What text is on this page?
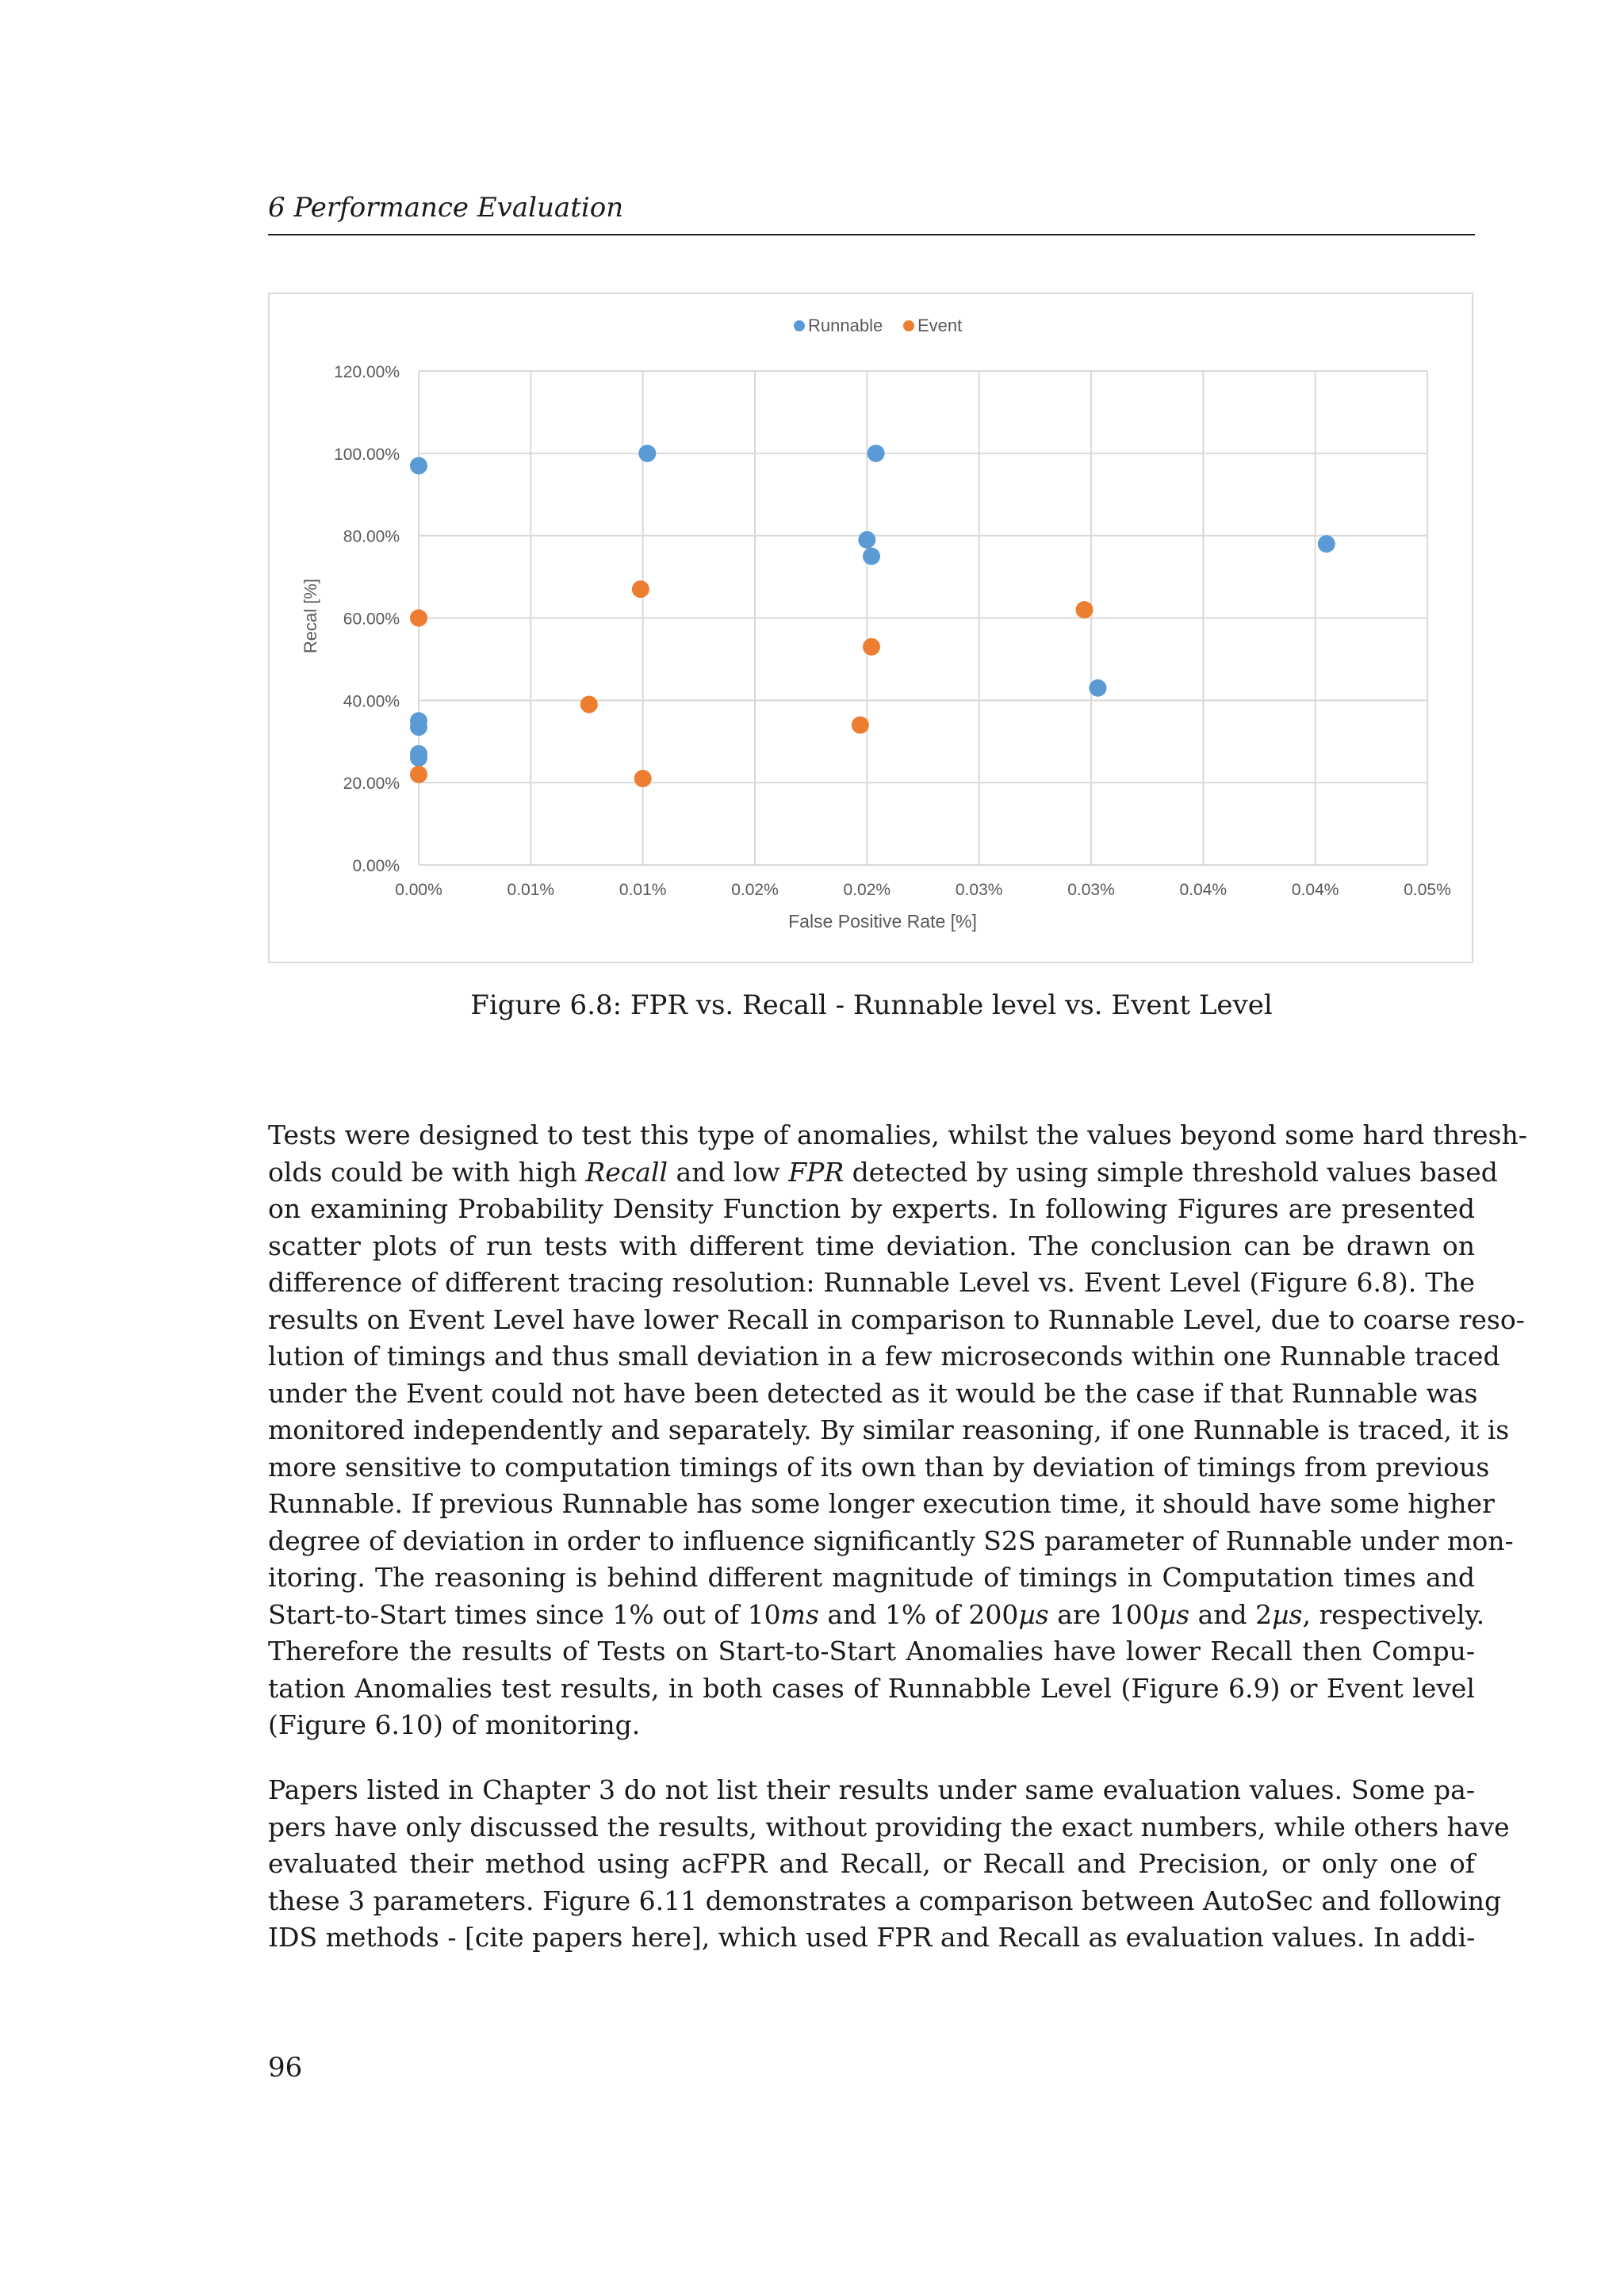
6 Performance Evaluation
Runnable Event
0.00%
20.00%
40.00%
60.00%
80.00%
100.00%
120.00%
0.00%	0.01%	0.01%	0.02%	0.02%	0.03%	0.03%	0.04%	0.04%	0.05%
False Positive Rate [%]
Recal [%]
Figure 6.8: FPR vs. Recall - Runnable level vs. Event Level
Tests were designed to test this type of anomalies, whilst the values beyond some hard thresh-
olds could be with high Recall and low FPR detected by using simple threshold values based
on examining Probability Density Function by experts. In following Figures are presented
scatter plots of run tests with different time deviation. The conclusion can be drawn on
difference of different tracing resolution: Runnable Level vs. Event Level (Figure 6.8). The
results on Event Level have lower Recall in comparison to Runnable Level, due to coarse reso-
lution of timings and thus small deviation in a few microseconds within one Runnable traced
under the Event could not have been detected as it would be the case if that Runnable was
monitored independently and separately. By similar reasoning, if one Runnable is traced, it is
more sensitive to computation timings of its own than by deviation of timings from previous
Runnable. If previous Runnable has some longer execution time, it should have some higher
degree of deviation in order to influence significantly S2S parameter of Runnable under mon-
itoring. The reasoning is behind different magnitude of timings in Computation times and
Start-to-Start times since 1% out of 10ms and 1% of 200µs are 100µs and 2µs, respectively.
Therefore the results of Tests on Start-to-Start Anomalies have lower Recall then Compu-
tation Anomalies test results, in both cases of Runnabble Level (Figure 6.9) or Event level
(Figure 6.10) of monitoring.
Papers listed in Chapter 3 do not list their results under same evaluation values. Some pa-
pers have only discussed the results, without providing the exact numbers, while others have
evaluated their method using acFPR and Recall, or Recall and Precision, or only one of
these 3 parameters. Figure 6.11 demonstrates a comparison between AutoSec and following
IDS methods - [cite papers here], which used FPR and Recall as evaluation values. In addi-
96
